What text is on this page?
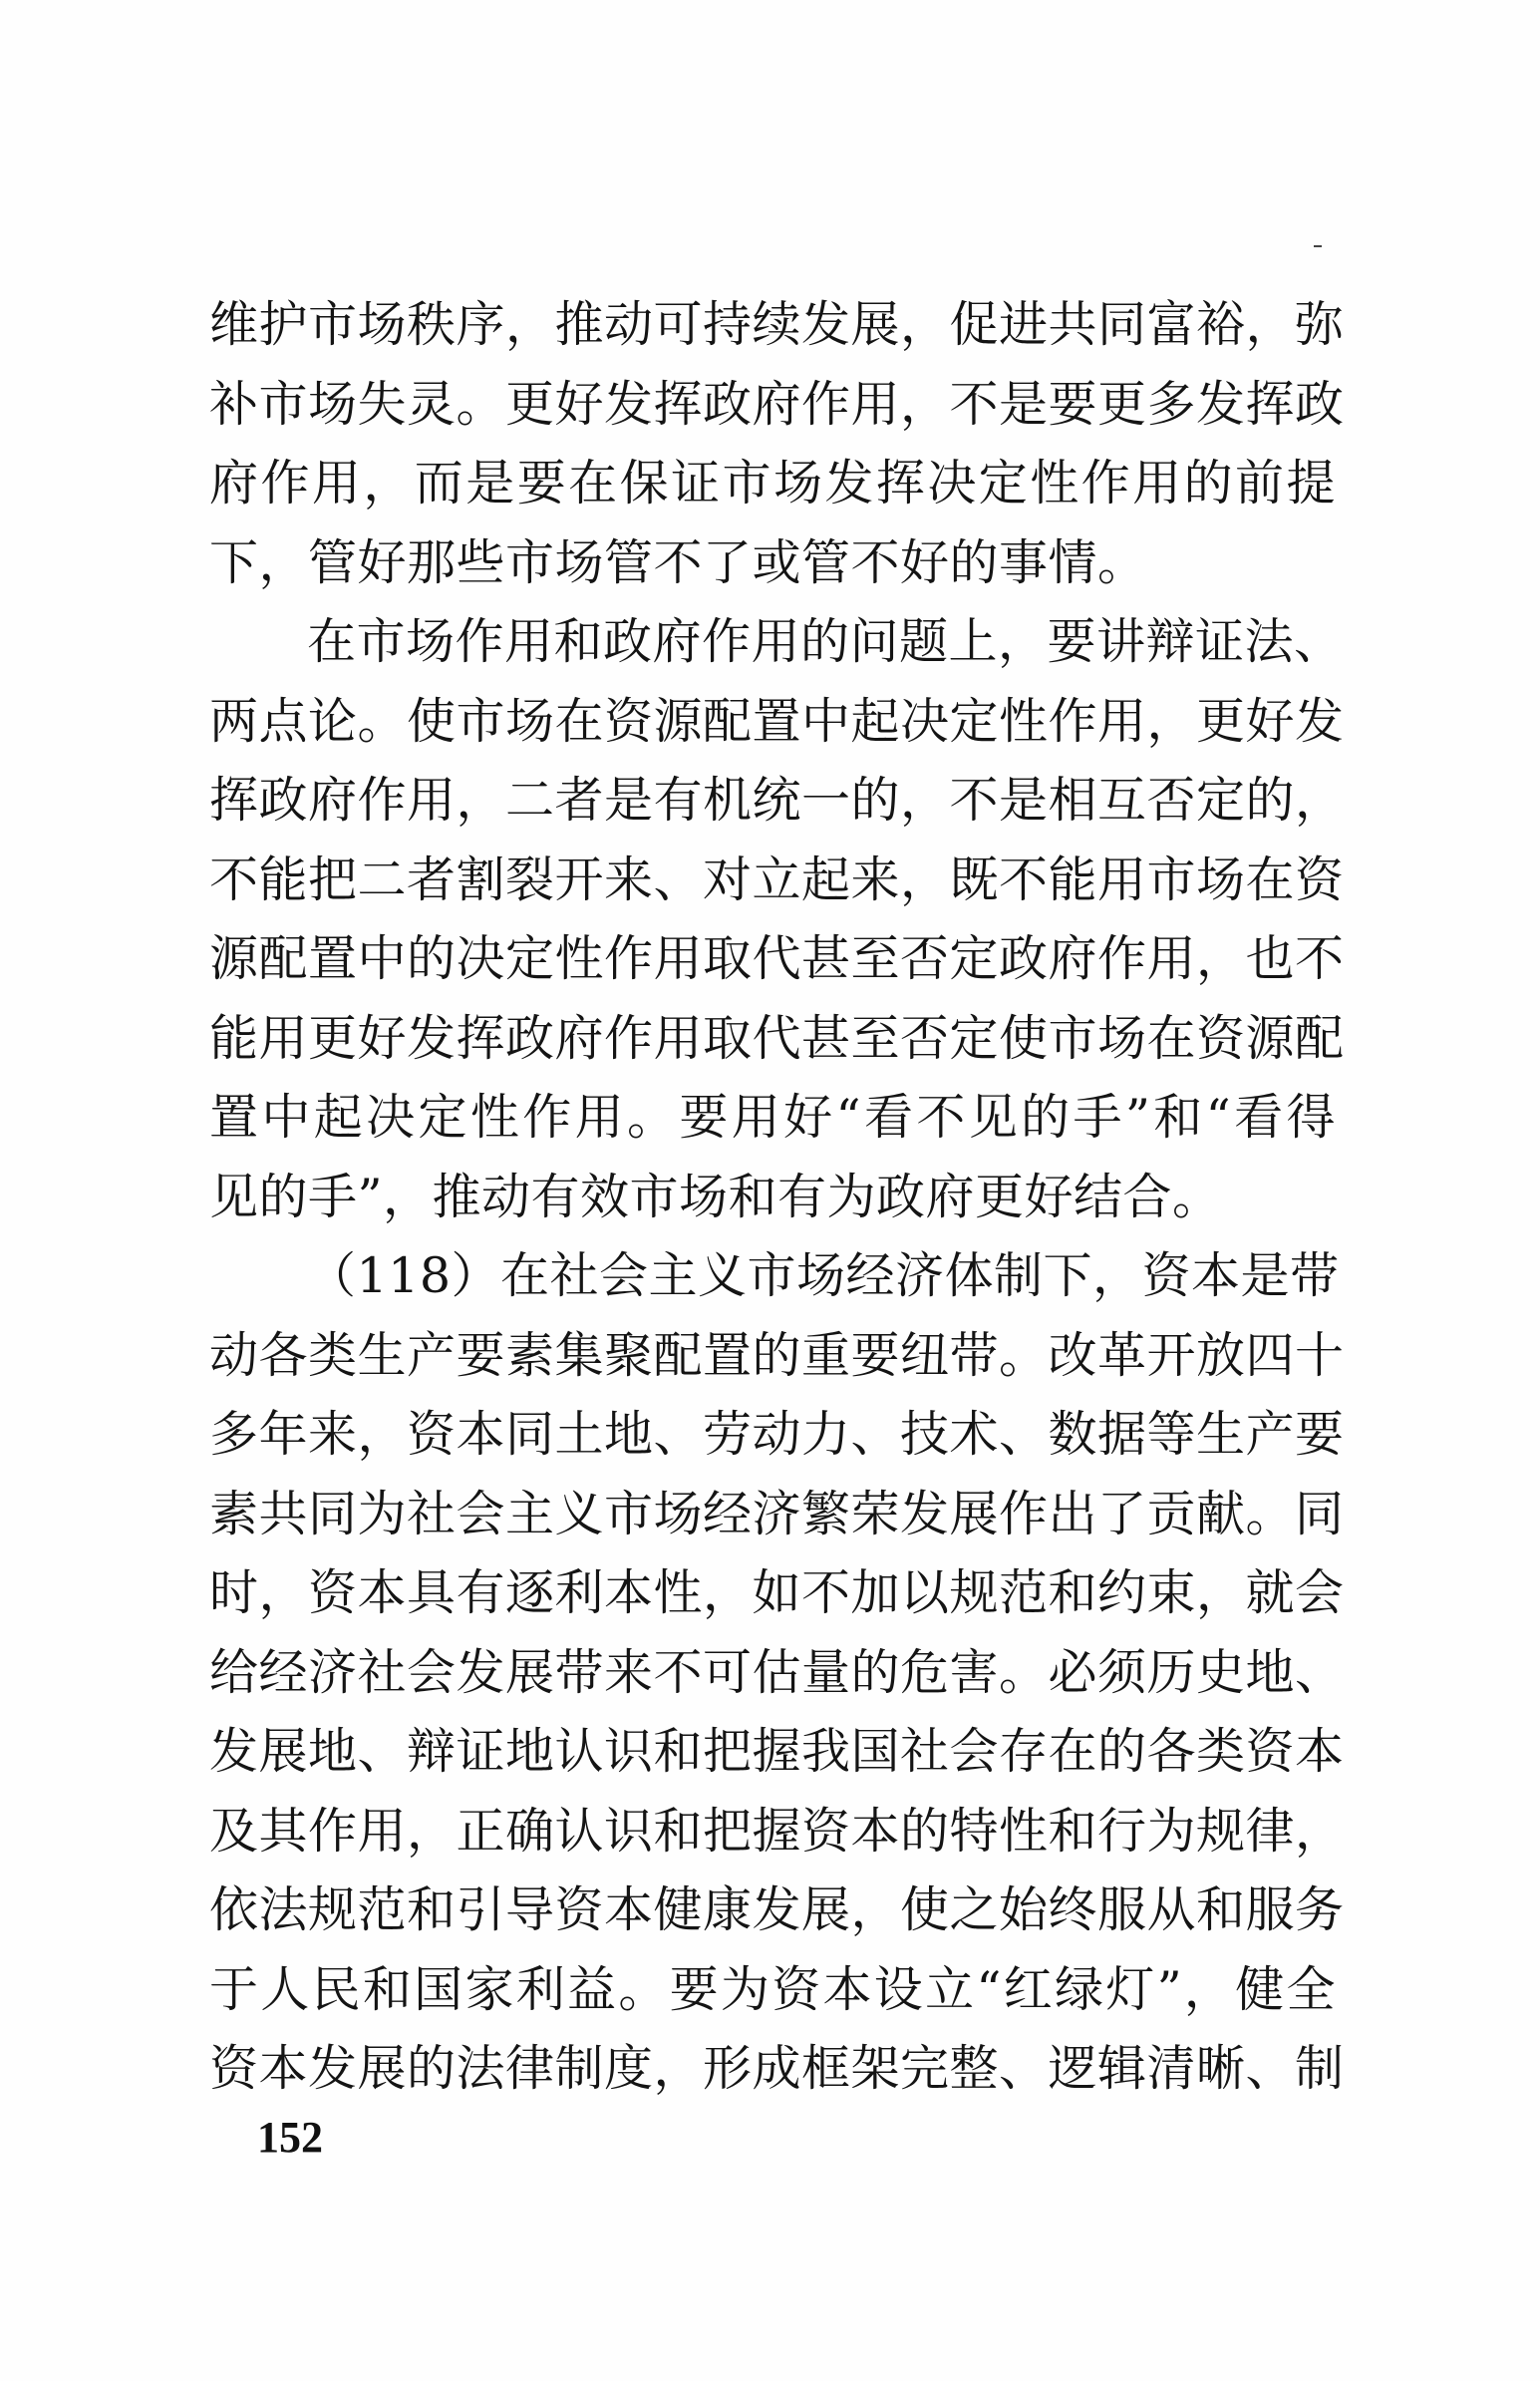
维护市场秩序，推动可持续发展，促进共同富裕，弥
补市场失灵。更好发挥政府作用，不是要更多发挥政
府作用，而是要在保证市场发挥决定性作用的前提
下，管好那些市场管不了或管不好的事情。
在市场作用和政府作用的问题上，要讲辩证法、
两点论。使市场在资源配置中起决定性作用，更好发
挥政府作用，二者是有机统一的，不是相互否定的，
不能把二者割裂开来、对立起来，既不能用市场在资
源配置中的决定性作用取代甚至否定政府作用，也不
能用更好发挥政府作用取代甚至否定使市场在资源配
置中起决定性作用。要用好“看不见的手”和“看得
见的手”，推动有效市场和有为政府更好结合。
（118）在社会主义市场经济体制下，资本是带
动各类生产要素集聚配置的重要纽带。改革开放四十
多年来，资本同土地、劳动力、技术、数据等生产要
素共同为社会主义市场经济繁荣发展作出了贡献。同
时，资本具有逐利本性，如不加以规范和约束，就会
给经济社会发展带来不可估量的危害。必须历史地、
发展地、辩证地认识和把握我国社会存在的各类资本
及其作用，正确认识和把握资本的特性和行为规律，
依法规范和引导资本健康发展，使之始终服从和服务
于人民和国家利益。要为资本设立“红绿灯”，健全
资本发展的法律制度，形成框架完整、逻辑清晰、制
152
